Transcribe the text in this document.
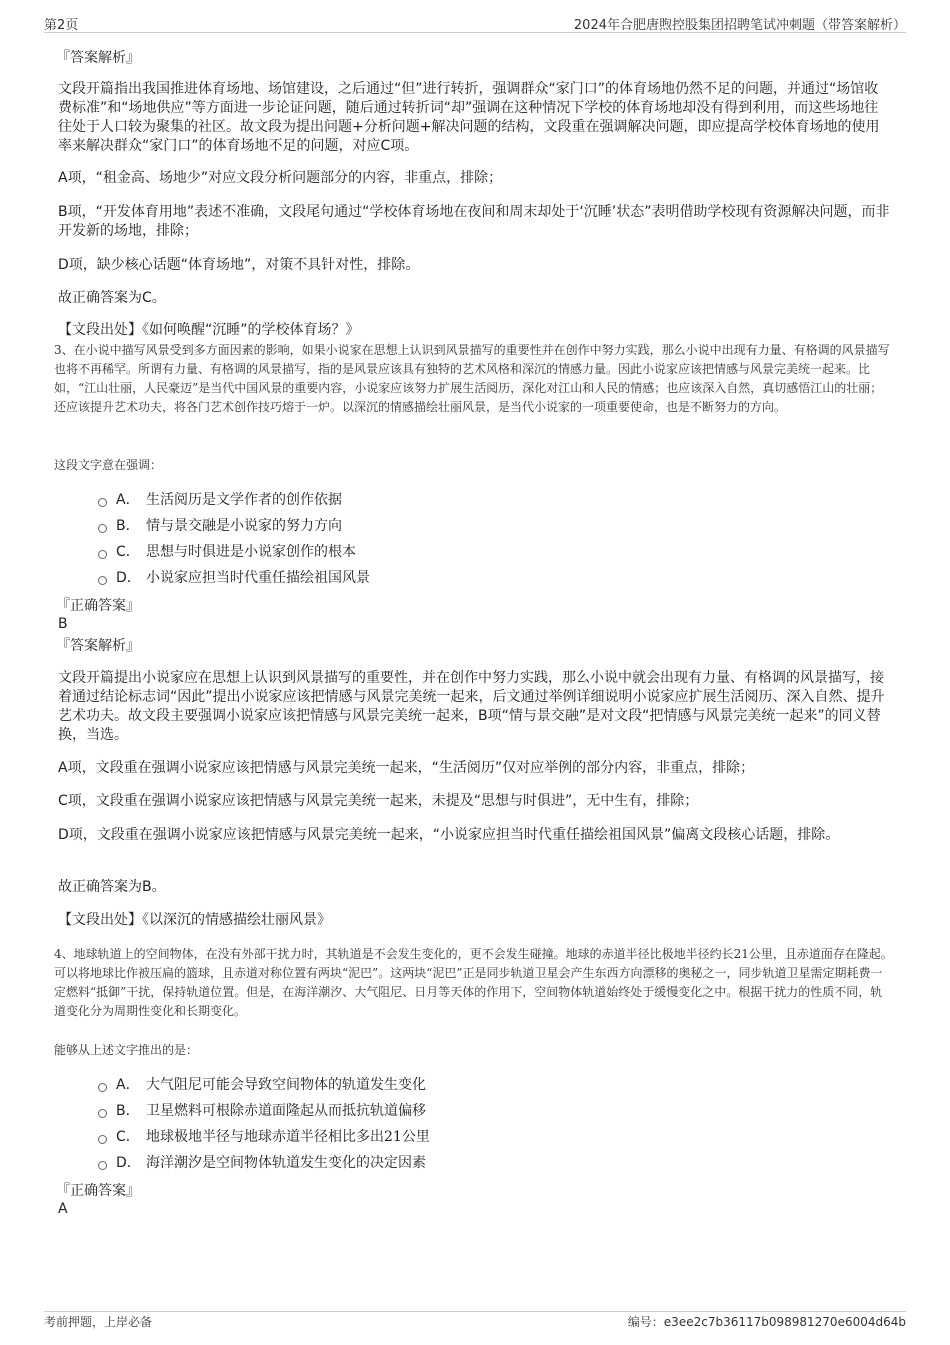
第2页	2024年合肥唐煦控股集团招聘笔试冲刺题（带答案解析）
『答案解析』

文段开篇指出我国推进体育场地、场馆建设，之后通过“但”进行转折，强调群众“家门口”的体育场地仍然不足的问题，并通过“场馆收费标准”和“场地供应”等方面进一步论证问题，随后通过转折词“却”强调在这种情况下学校的体育场地却没有得到利用，而这些场地往往处于人口较为聚集的社区。故文段为提出问题+分析问题+解决问题的结构，文段重在强调解决问题，即应提高学校体育场地的使用率来解决群众“家门口”的体育场地不足的问题，对应C项。

A项，“租金高、场地少”对应文段分析问题部分的内容，非重点，排除；

B项，“开发体育用地”表述不准确，文段尾句通过“学校体育场地在夜间和周末却处于‘沉睡’状态”表明借助学校现有资源解决问题，而非开发新的场地，排除；

D项，缺少核心话题“体育场地”，对策不具针对性，排除。

故正确答案为C。

【文段出处】《如何唤醒“沉睡”的学校体育场？》

3、在小说中描写风景受到多方面因素的影响，如果小说家在思想上认识到风景描写的重要性并在创作中努力实践，那么小说中出现有力量、有格调的风景描写也将不再稀罕。所谓有力量、有格调的风景描写，指的是风景应该具有独特的艺术风格和深沉的情感力量。因此小说家应该把情感与风景完美统一起来。比如，“江山壮丽，人民豪迈”是当代中国风景的重要内容，小说家应该努力扩展生活阅历，深化对江山和人民的情感；也应该深入自然，真切感悟江山的壮丽；还应该提升艺术功夫，将各门艺术创作技巧熔于一炉。以深沉的情感描绘壮丽风景，是当代小说家的一项重要使命，也是不断努力的方向。

这段文字意在强调：

A． 生活阅历是文学作者的创作依据
B． 情与景交融是小说家的努力方向
C． 思想与时俱进是小说家创作的根本
D． 小说家应担当时代重任描绘祖国风景
『正确答案』
B
『答案解析』

文段开篇提出小说家应在思想上认识到风景描写的重要性，并在创作中努力实践，那么小说中就会出现有力量、有格调的风景描写，接着通过结论标志词“因此”提出小说家应该把情感与风景完美统一起来，后文通过举例详细说明小说家应扩展生活阅历、深入自然、提升艺术功夫。故文段主要强调小说家应该把情感与风景完美统一起来，B项“情与景交融”是对文段“把情感与风景完美统一起来”的同义替换，当选。

A项，文段重在强调小说家应该把情感与风景完美统一起来，“生活阅历”仅对应举例的部分内容，非重点，排除；

C项，文段重在强调小说家应该把情感与风景完美统一起来，未提及“思想与时俱进”，无中生有，排除；

D项，文段重在强调小说家应该把情感与风景完美统一起来，“小说家应担当时代重任描绘祖国风景”偏离文段核心话题，排除。

故正确答案为B。

【文段出处】《以深沉的情感描绘壮丽风景》

4、地球轨道上的空间物体，在没有外部干扰力时，其轨道是不会发生变化的，更不会发生碰撞。地球的赤道半径比极地半径约长21公里，且赤道面存在隆起。可以将地球比作被压扁的篮球，且赤道对称位置有两块“泥巴”。这两块“泥巴”正是同步轨道卫星会产生东西方向漂移的奥秘之一，同步轨道卫星需定期耗费一定燃料“抵御”干扰，保持轨道位置。但是，在海洋潮汐、大气阻尼、日月等天体的作用下，空间物体轨道始终处于缓慢变化之中。根据干扰力的性质不同，轨道变化分为周期性变化和长期变化。

能够从上述文字推出的是：

A． 大气阻尼可能会导致空间物体的轨道发生变化
B． 卫星燃料可根除赤道面隆起从而抵抗轨道偏移
C． 地球极地半径与地球赤道半径相比多出21公里
D． 海洋潮汐是空间物体轨道发生变化的决定因素
『正确答案』
A
考前押题，上岸必备	编号：e3ee2c7b36117b098981270e6004d64b
